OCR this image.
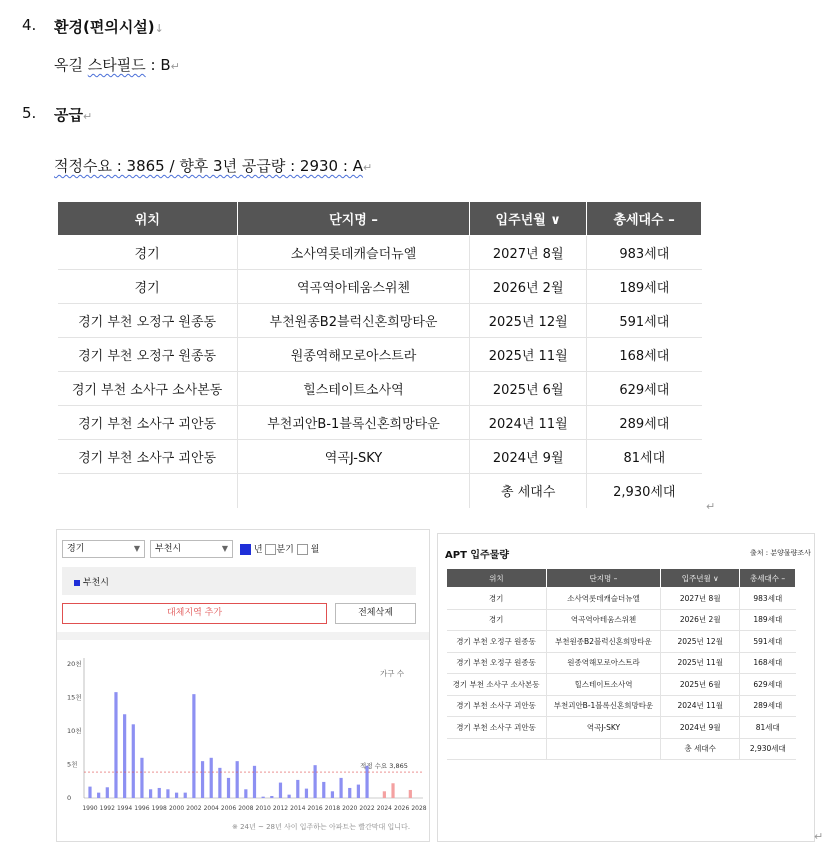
4. 환경(편의시설)↓
옥길 스타필드 : B↵
5. 공급↵
적정수요 : 3865 / 향후 3년 공급량 : 2930 : A↵
위치	단지명 –	입주년월 ∨	총세대수 –
경기	소사역롯데캐슬더뉴엘	2027년 8월	983세대
경기	역곡역아테움스위첸	2026년 2월	189세대
경기 부천 오정구 원종동	부천원종B2블럭신혼희망타운	2025년 12월	591세대
경기 부천 오정구 원종동	원종역해모로아스트라	2025년 11월	168세대
경기 부천 소사구 소사본동	힐스테이트소사역	2025년 6월	629세대
경기 부천 소사구 괴안동	부천괴안B-1블록신혼희망타운	2024년 11월	289세대
경기 부천 소사구 괴안동	역곡J-SKY	2024년 9월	81세대
		총 세대수	2,930세대
↵
경기	▼	부천시	▼	년 분기 월
부천시
대체지역 추가	전체삭제
가구 수
0
5천
10천
15천
20천
적정 수요 3,865
1990 1992 1994 1996 1998 2000 2002 2004 2006 2008 2010 2012 2014 2016 2018 2020 2022 2024 2026 2028
※ 24년 ~ 28년 사이 입주하는 아파트는 빨간막대 입니다.
APT 입주물량	출처 : 분양물량조사
위치	단지명 –	입주년월 ∨	총세대수 –
경기	소사역롯데캐슬더뉴엘	2027년 8월	983세대
경기	역곡역아테움스위첸	2026년 2월	189세대
경기 부천 오정구 원종동	부천원종B2블럭신혼희망타운	2025년 12월	591세대
경기 부천 오정구 원종동	원종역해모로아스트라	2025년 11월	168세대
경기 부천 소사구 소사본동	힐스테이트소사역	2025년 6월	629세대
경기 부천 소사구 괴안동	부천괴안B-1블록신혼희망타운	2024년 11월	289세대
경기 부천 소사구 괴안동	역곡J-SKY	2024년 9월	81세대
		총 세대수	2,930세대
↵
